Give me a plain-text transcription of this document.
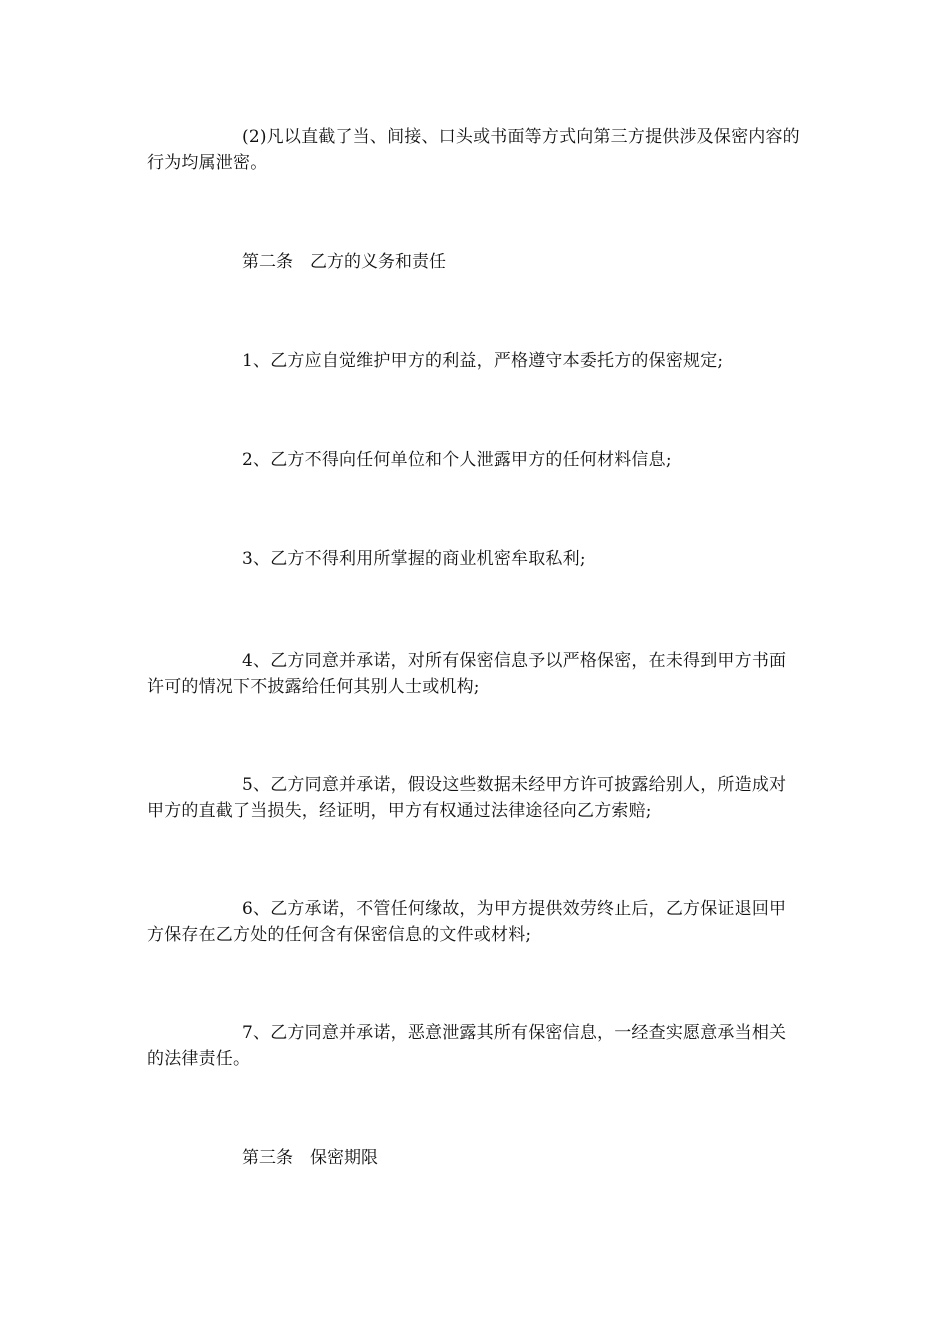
(2)凡以直截了当、间接、口头或书面等方式向第三方提供涉及保密内容的行为均属泄密。

第二条　乙方的义务和责任

1、乙方应自觉维护甲方的利益，严格遵守本委托方的保密规定;

2、乙方不得向任何单位和个人泄露甲方的任何材料信息;

3、乙方不得利用所掌握的商业机密牟取私利;

4、乙方同意并承诺，对所有保密信息予以严格保密，在未得到甲方书面许可的情况下不披露给任何其别人士或机构;

5、乙方同意并承诺，假设这些数据未经甲方许可披露给别人，所造成对甲方的直截了当损失，经证明，甲方有权通过法律途径向乙方索赔;

6、乙方承诺，不管任何缘故，为甲方提供效劳终止后，乙方保证退回甲方保存在乙方处的任何含有保密信息的文件或材料;

7、乙方同意并承诺，恶意泄露其所有保密信息，一经查实愿意承当相关的法律责任。

第三条　保密期限
